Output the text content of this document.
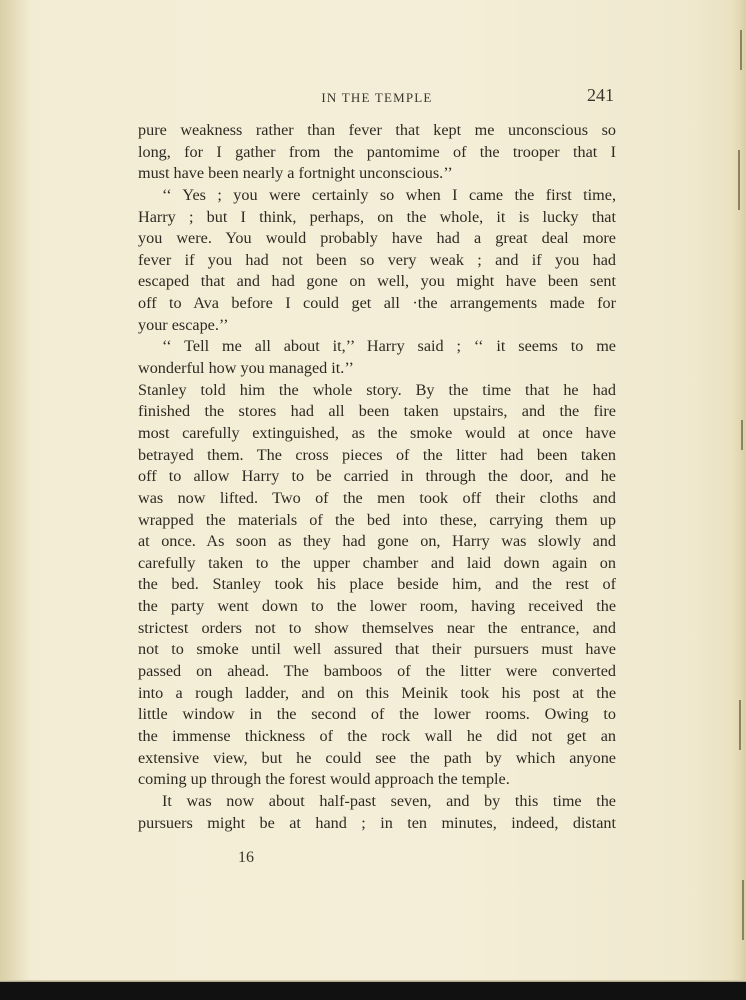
IN THE TEMPLE	241
pure weakness rather than fever that kept me unconscious so
long, for I gather from the pantomime of the trooper that I
must have been nearly a fortnight unconscious.’’
‘‘ Yes ; you were certainly so when I came the first time,
Harry ; but I think, perhaps, on the whole, it is lucky that
you were. You would probably have had a great deal more
fever if you had not been so very weak ; and if you had
escaped that and had gone on well, you might have been sent
off to Ava before I could get all ·the arrangements made for
your escape.’’
‘‘ Tell me all about it,’’ Harry said ; ‘‘ it seems to me
wonderful how you managed it.’’
Stanley told him the whole story. By the time that he had
finished the stores had all been taken upstairs, and the fire
most carefully extinguished, as the smoke would at once have
betrayed them. The cross pieces of the litter had been taken
off to allow Harry to be carried in through the door, and he
was now lifted. Two of the men took off their cloths and
wrapped the materials of the bed into these, carrying them up
at once. As soon as they had gone on, Harry was slowly and
carefully taken to the upper chamber and laid down again on
the bed. Stanley took his place beside him, and the rest of
the party went down to the lower room, having received the
strictest orders not to show themselves near the entrance, and
not to smoke until well assured that their pursuers must have
passed on ahead. The bamboos of the litter were converted
into a rough ladder, and on this Meinik took his post at the
little window in the second of the lower rooms. Owing to
the immense thickness of the rock wall he did not get an
extensive view, but he could see the path by which anyone
coming up through the forest would approach the temple.
It was now about half-past seven, and by this time the
pursuers might be at hand ; in ten minutes, indeed, distant
16
